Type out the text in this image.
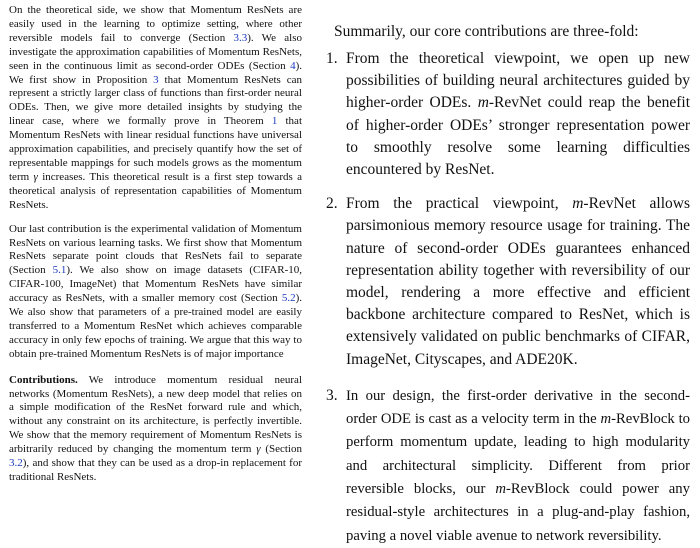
On the theoretical side, we show that Momentum ResNets are easily used in the learning to optimize setting, where other reversible models fail to converge (Section 3.3). We also investigate the approximation capabilities of Momentum ResNets, seen in the continuous limit as second-order ODEs (Section 4). We first show in Proposition 3 that Momentum ResNets can represent a strictly larger class of functions than first-order neural ODEs. Then, we give more detailed insights by studying the linear case, where we formally prove in Theorem 1 that Momentum ResNets with linear residual functions have universal approximation capabilities, and precisely quantify how the set of representable mappings for such models grows as the momentum term γ increases. This theoretical result is a first step towards a theoretical analysis of representation capabilities of Momentum ResNets.

Our last contribution is the experimental validation of Momentum ResNets on various learning tasks. We first show that Momentum ResNets separate point clouds that ResNets fail to separate (Section 5.1). We also show on image datasets (CIFAR-10, CIFAR-100, ImageNet) that Momentum ResNets have similar accuracy as ResNets, with a smaller memory cost (Section 5.2). We also show that parameters of a pre-trained model are easily transferred to a Momentum ResNet which achieves comparable accuracy in only few epochs of training. We argue that this way to obtain pre-trained Momentum ResNets is of major importance

Contributions. We introduce momentum residual neural networks (Momentum ResNets), a new deep model that relies on a simple modification of the ResNet forward rule and which, without any constraint on its architecture, is perfectly invertible. We show that the memory requirement of Momentum ResNets is arbitrarily reduced by changing the momentum term γ (Section 3.2), and show that they can be used as a drop-in replacement for traditional ResNets.

Summarily, our core contributions are three-fold:
1. From the theoretical viewpoint, we open up new possibilities of building neural architectures guided by higher-order ODEs. m-RevNet could reap the benefit of higher-order ODEs’ stronger representation power to smoothly resolve some learning difficulties encountered by ResNet.
2. From the practical viewpoint, m-RevNet allows parsimonious memory resource usage for training. The nature of second-order ODEs guarantees enhanced representation ability together with reversibility of our model, rendering a more effective and efficient backbone architecture compared to ResNet, which is extensively validated on public benchmarks of CIFAR, ImageNet, Cityscapes, and ADE20K.
3. In our design, the first-order derivative in the second-order ODE is cast as a velocity term in the m-RevBlock to perform momentum update, leading to high modularity and architectural simplicity. Different from prior reversible blocks, our m-RevBlock could power any residual-style architectures in a plug-and-play fashion, paving a novel viable avenue to network reversibility.
